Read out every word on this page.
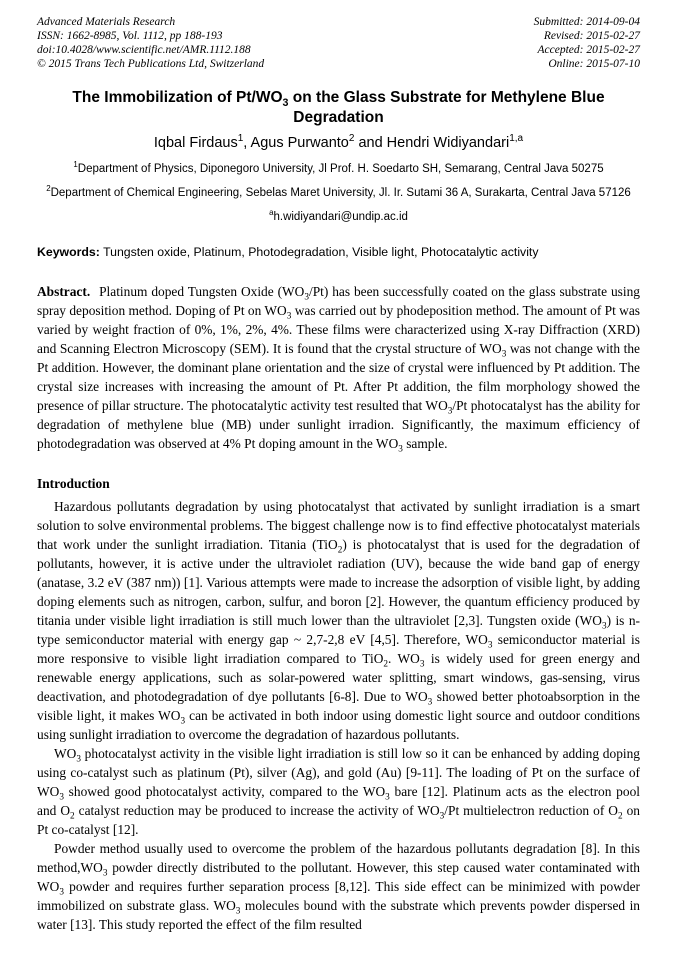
Advanced Materials Research
ISSN: 1662-8985, Vol. 1112, pp 188-193
doi:10.4028/www.scientific.net/AMR.1112.188
© 2015 Trans Tech Publications Ltd, Switzerland
Submitted: 2014-09-04
Revised: 2015-02-27
Accepted: 2015-02-27
Online: 2015-07-10
The Immobilization of $Pt/WO_3$ on the Glass Substrate for Methylene Blue Degradation
Iqbal Firdaus$^1$, Agus Purwanto$^2$ and Hendri Widiyandari$^{1,a}$
$^1$Department of Physics, Diponegoro University, Jl Prof. H. Soedarto SH, Semarang, Central Java 50275
$^2$Department of Chemical Engineering, Sebelas Maret University, Jl. Ir. Sutami 36 A, Surakarta, Central Java 57126
$^a$h.widiyandari@undip.ac.id
Keywords: Tungsten oxide, Platinum, Photodegradation, Visible light, Photocatalytic activity
Abstract. Platinum doped Tungsten Oxide $(WO_3/Pt)$ has been successfully coated on the glass substrate using spray deposition method. Doping of Pt on $WO_3$ was carried out by phodeposition method. The amount of Pt was varied by weight fraction of 0%, 1%, 2%, 4%. These films were characterized using X-ray Diffraction (XRD) and Scanning Electron Microscopy (SEM). It is found that the crystal structure of $WO_3$ was not change with the Pt addition. However, the dominant plane orientation and the size of crystal were influenced by Pt addition. The crystal size increases with increasing the amount of Pt. After Pt addition, the film morphology showed the presence of pillar structure. The photocatalytic activity test resulted that $WO_3/Pt$ photocatalyst has the ability for degradation of methylene blue (MB) under sunlight irradion. Significantly, the maximum efficiency of photodegradation was observed at 4% Pt doping amount in the $WO_3$ sample.
Introduction

Hazardous pollutants degradation by using photocatalyst that activated by sunlight irradiation is a smart solution to solve environmental problems. The biggest challenge now is to find effective photocatalyst materials that work under the sunlight irradiation. Titania (TiO$_2$) is photocatalyst that is used for the degradation of pollutants, however, it is active under the ultraviolet radiation (UV), because the wide band gap of energy (anatase, 3.2 eV (387 nm)) [1]. Various attempts were made to increase the adsorption of visible light, by adding doping elements such as nitrogen, carbon, sulfur, and boron [2]. However, the quantum efficiency produced by titania under visible light irradiation is still much lower than the ultraviolet [2,3]. Tungsten oxide $(WO_3)$ is n-type semiconductor material with energy gap ~ 2,7-2,8 eV [4,5]. Therefore, $WO_3$ semiconductor material is more responsive to visible light irradiation compared to TiO$_2$. $WO_3$ is widely used for green energy and renewable energy applications, such as solar-powered water splitting, smart windows, gas-sensing, virus deactivation, and photodegradation of dye pollutants [6-8]. Due to $WO_3$ showed better photoabsorption in the visible light, it makes $WO_3$ can be activated in both indoor using domestic light source and outdoor conditions using sunlight irradiation to overcome the degradation of hazardous pollutants.

$WO_3$ photocatalyst activity in the visible light irradiation is still low so it can be enhanced by adding doping using co-catalyst such as platinum (Pt), silver (Ag), and gold (Au) [9-11]. The loading of Pt on the surface of $WO_3$ showed good photocatalyst activity, compared to the $WO_3$ bare [12]. Platinum acts as the electron pool and $O_2$ catalyst reduction may be produced to increase the activity of $WO_3/Pt$ multielectron reduction of $O_2$ on Pt co-catalyst [12].

Powder method usually used to overcome the problem of the hazardous pollutants degradation [8]. In this $method,WO_3$ powder directly distributed to the pollutant. However, this step caused water contaminated with $WO_3$ powder and requires further separation process [8,12]. This side effect can be minimized with powder immobilized on substrate glass. $WO_3$ molecules bound with the substrate which prevents powder dispersed in water [13]. This study reported the effect of the film resulted
